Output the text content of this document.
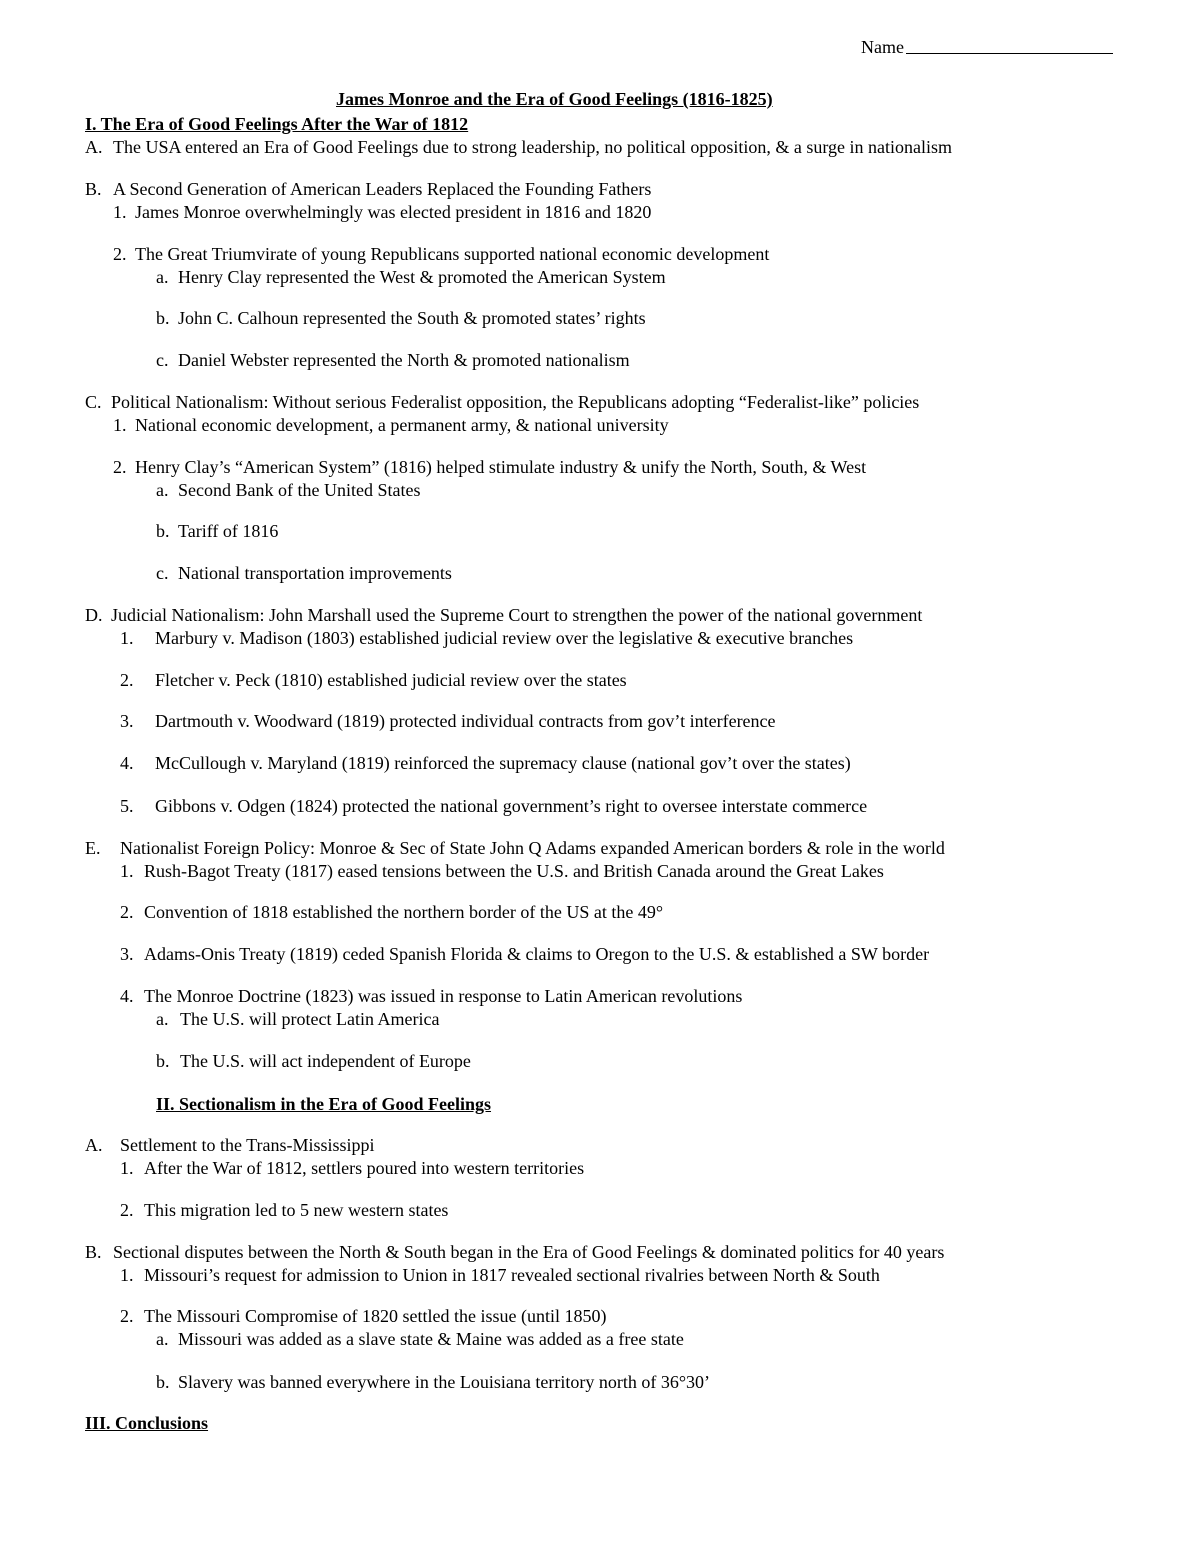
Name
James Monroe and the Era of Good Feelings (1816-1825)
I. The Era of Good Feelings After the War of 1812
A. The USA entered an Era of Good Feelings due to strong leadership, no political opposition, & a surge in nationalism
B. A Second Generation of American Leaders Replaced the Founding Fathers
1. James Monroe overwhelmingly was elected president in 1816 and 1820
2. The Great Triumvirate of young Republicans supported national economic development
a. Henry Clay represented the West & promoted the American System
b. John C. Calhoun represented the South & promoted states’ rights
c. Daniel Webster represented the North & promoted nationalism
C. Political Nationalism: Without serious Federalist opposition, the Republicans adopting “Federalist-like” policies
1. National economic development, a permanent army, & national university
2. Henry Clay’s “American System” (1816) helped stimulate industry & unify the North, South, & West
a. Second Bank of the United States
b. Tariff of 1816
c. National transportation improvements
D. Judicial Nationalism: John Marshall used the Supreme Court to strengthen the power of the national government
1. Marbury v. Madison (1803) established judicial review over the legislative & executive branches
2. Fletcher v. Peck (1810) established judicial review over the states
3. Dartmouth v. Woodward (1819) protected individual contracts from gov’t interference
4. McCullough v. Maryland (1819) reinforced the supremacy clause (national gov’t over the states)
5. Gibbons v. Odgen (1824) protected the national government’s right to oversee interstate commerce
E. Nationalist Foreign Policy: Monroe & Sec of State John Q Adams expanded American borders & role in the world
1. Rush-Bagot Treaty (1817) eased tensions between the U.S. and British Canada around the Great Lakes
2. Convention of 1818 established the northern border of the US at the 49°
3. Adams-Onis Treaty (1819) ceded Spanish Florida & claims to Oregon to the U.S. & established a SW border
4. The Monroe Doctrine (1823) was issued in response to Latin American revolutions
a. The U.S. will protect Latin America
b. The U.S. will act independent of Europe
II. Sectionalism in the Era of Good Feelings
A. Settlement to the Trans-Mississippi
1. After the War of 1812, settlers poured into western territories
2. This migration led to 5 new western states
B. Sectional disputes between the North & South began in the Era of Good Feelings & dominated politics for 40 years
1. Missouri’s request for admission to Union in 1817 revealed sectional rivalries between North & South
2. The Missouri Compromise of 1820 settled the issue (until 1850)
a. Missouri was added as a slave state & Maine was added as a free state
b. Slavery was banned everywhere in the Louisiana territory north of 36°30’
III. Conclusions
